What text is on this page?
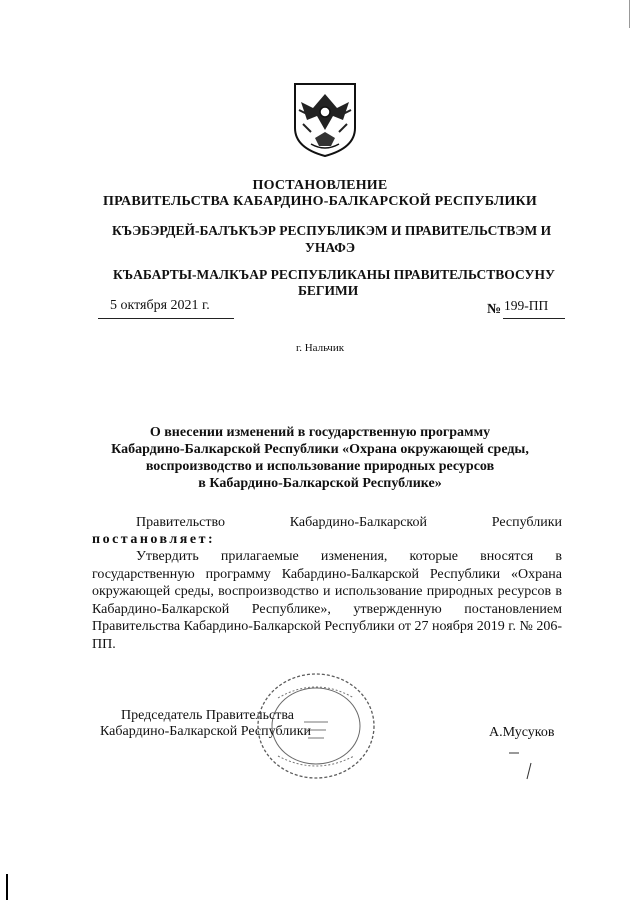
ПОСТАНОВЛЕНИЕ
ПРАВИТЕЛЬСТВА КАБАРДИНО-БАЛКАРСКОЙ РЕСПУБЛИКИ
КЪЭБЭРДЕЙ-БАЛЪКЪЭР РЕСПУБЛИКЭМ И ПРАВИТЕЛЬСТВЭМ И
УНАФЭ
КЪАБАРТЫ-МАЛКЪАР РЕСПУБЛИКАНЫ ПРАВИТЕЛЬСТВОСУНУ
БЕГИМИ
5 октября 2021 г.	№ 199-ПП
г. Нальчик
О внесении изменений в государственную программу
Кабардино-Балкарской Республики «Охрана окружающей среды,
воспроизводство и использование природных ресурсов
в Кабардино-Балкарской Республике»
Правительство	Кабардино-Балкарской	Республики
постановляет:
Утвердить прилагаемые изменения, которые вносятся в государственную программу Кабардино-Балкарской Республики «Охрана окружающей среды, воспроизводство и использование природных ресурсов в Кабардино-Балкарской Республике», утвержденную постановлением Правительства Кабардино-Балкарской Республики от 27 ноября 2019 г. № 206-ПП.
Председатель Правительства
Кабардино-Балкарской Республики	А.Мусуков
